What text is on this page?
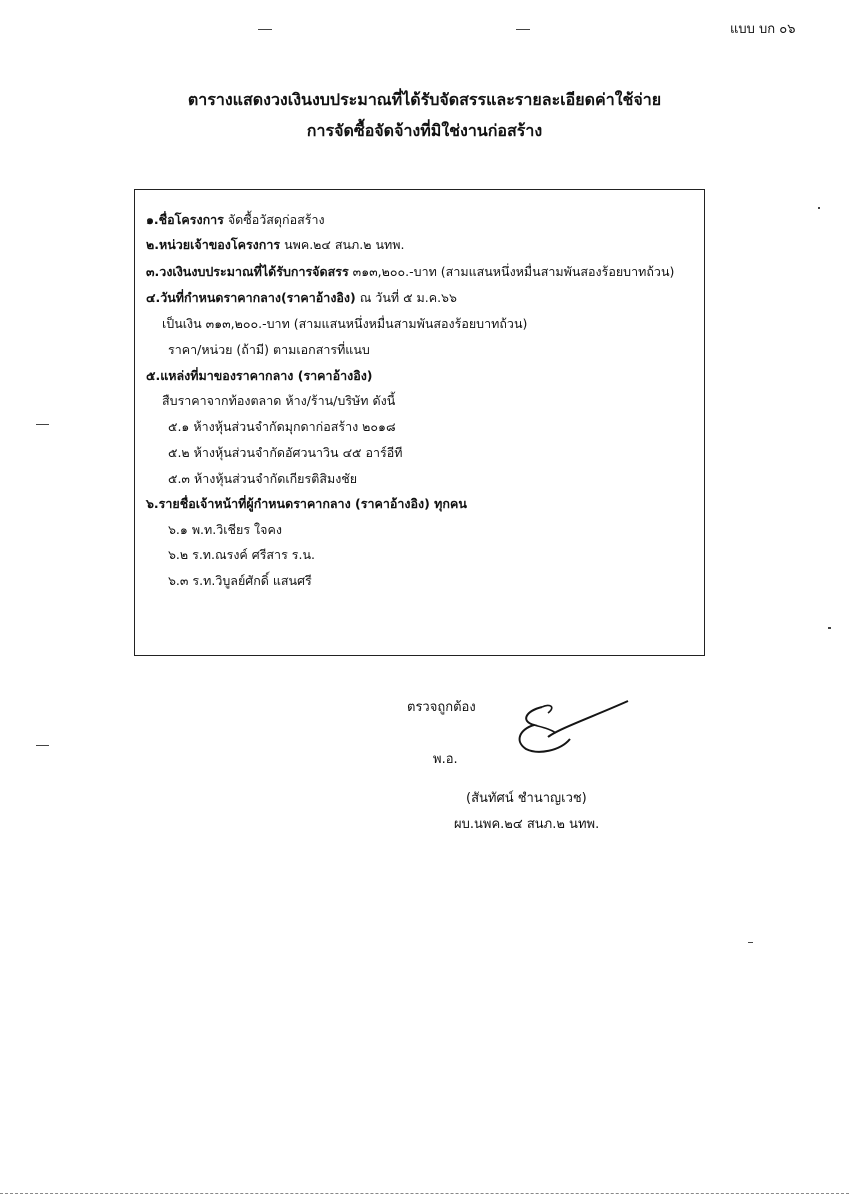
แบบ บก ๐๖
ตารางแสดงวงเงินงบประมาณที่ได้รับจัดสรรและรายละเอียดค่าใช้จ่าย
การจัดซื้อจัดจ้างที่มิใช่งานก่อสร้าง
๑.ชื่อโครงการ จัดซื้อวัสดุก่อสร้าง
๒.หน่วยเจ้าของโครงการ นพค.๒๔ สนภ.๒ นทพ.
๓.วงเงินงบประมาณที่ได้รับการจัดสรร ๓๑๓,๒๐๐.-บาท (สามแสนหนึ่งหมื่นสามพันสองร้อยบาทถ้วน)
๔.วันที่กำหนดราคากลาง(ราคาอ้างอิง) ณ วันที่ ๕ ม.ค.๖๖
เป็นเงิน ๓๑๓,๒๐๐.-บาท (สามแสนหนึ่งหมื่นสามพันสองร้อยบาทถ้วน)
ราคา/หน่วย (ถ้ามี) ตามเอกสารที่แนบ
๕.แหล่งที่มาของราคากลาง (ราคาอ้างอิง)
สืบราคาจากท้องตลาด ห้าง/ร้าน/บริษัท ดังนี้
๕.๑ ห้างหุ้นส่วนจำกัดมุกดาก่อสร้าง ๒๐๑๘
๕.๒ ห้างหุ้นส่วนจำกัดอัศวนาวิน ๔๕ อาร์อีที
๕.๓ ห้างหุ้นส่วนจำกัดเกียรติสิมงชัย
๖.รายชื่อเจ้าหน้าที่ผู้กำหนดราคากลาง (ราคาอ้างอิง) ทุกคน
๖.๑ พ.ท.วิเชียร ใจคง
๖.๒ ร.ท.ณรงค์ ศรีสาร ร.น.
๖.๓ ร.ท.วิบูลย์ศักดิ์ แสนศรี
ตรวจถูกต้อง
พ.อ.
(สันทัศน์ ชำนาญเวช)
ผบ.นพค.๒๔ สนภ.๒ นทพ.
